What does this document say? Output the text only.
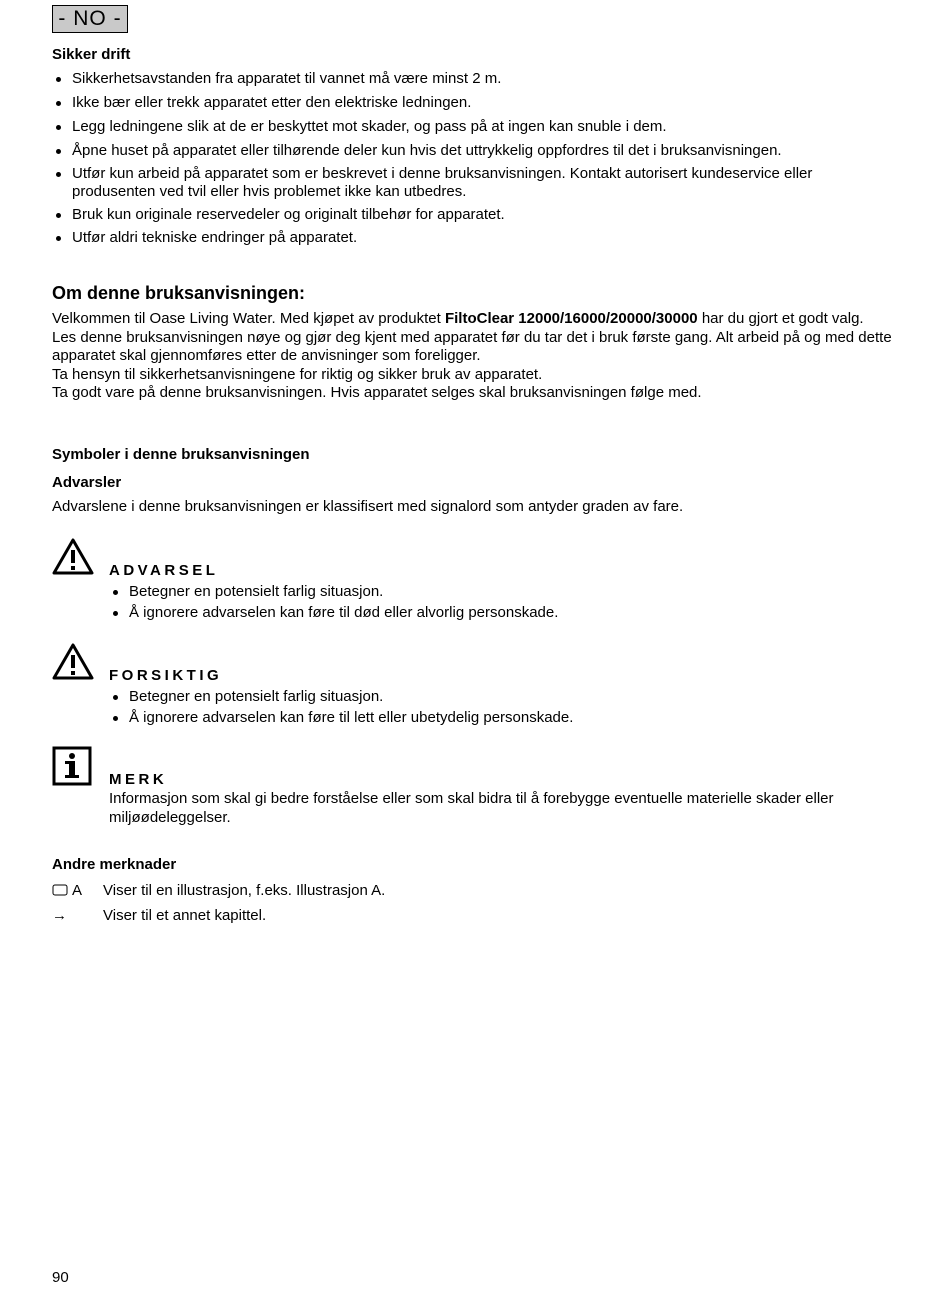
- NO -
Sikker drift
Sikkerhetsavstanden fra apparatet til vannet må være minst 2 m.
Ikke bær eller trekk apparatet etter den elektriske ledningen.
Legg ledningene slik at de er beskyttet mot skader, og pass på at ingen kan snuble i dem.
Åpne huset på apparatet eller tilhørende deler kun hvis det uttrykkelig oppfordres til det i bruksanvisningen.
Utfør kun arbeid på apparatet som er beskrevet i denne bruksanvisningen. Kontakt autorisert kundeservice eller produsenten ved tvil eller hvis problemet ikke kan utbedres.
Bruk kun originale reservedeler og originalt tilbehør for apparatet.
Utfør aldri tekniske endringer på apparatet.
Om denne bruksanvisningen:

Velkommen til Oase Living Water. Med kjøpet av produktet FiltoClear 12000/16000/20000/30000 har du gjort et godt valg.

Les denne bruksanvisningen nøye og gjør deg kjent med apparatet før du tar det i bruk første gang. Alt arbeid på og med dette apparatet skal gjennomføres etter de anvisninger som foreligger.

Ta hensyn til sikkerhetsanvisningene for riktig og sikker bruk av apparatet.

Ta godt vare på denne bruksanvisningen. Hvis apparatet selges skal bruksanvisningen følge med.

Symboler i denne bruksanvisningen
Advarsler

Advarslene i denne bruksanvisningen er klassifisert med signalord som antyder graden av fare.

ADVARSEL

Betegner en potensielt farlig situasjon.
Å ignorere advarselen kan føre til død eller alvorlig personskade.

FORSIKTIG

Betegner en potensielt farlig situasjon.
Å ignorere advarselen kan føre til lett eller ubetydelig personskade.

MERK

Informasjon som skal gi bedre forståelse eller som skal bidra til å forebygge eventuelle materielle skader eller miljøødeleggelser.

Andre merknader
A Viser til en illustrasjon, f.eks. Illustrasjon A.
→ Viser til et annet kapittel.
90
